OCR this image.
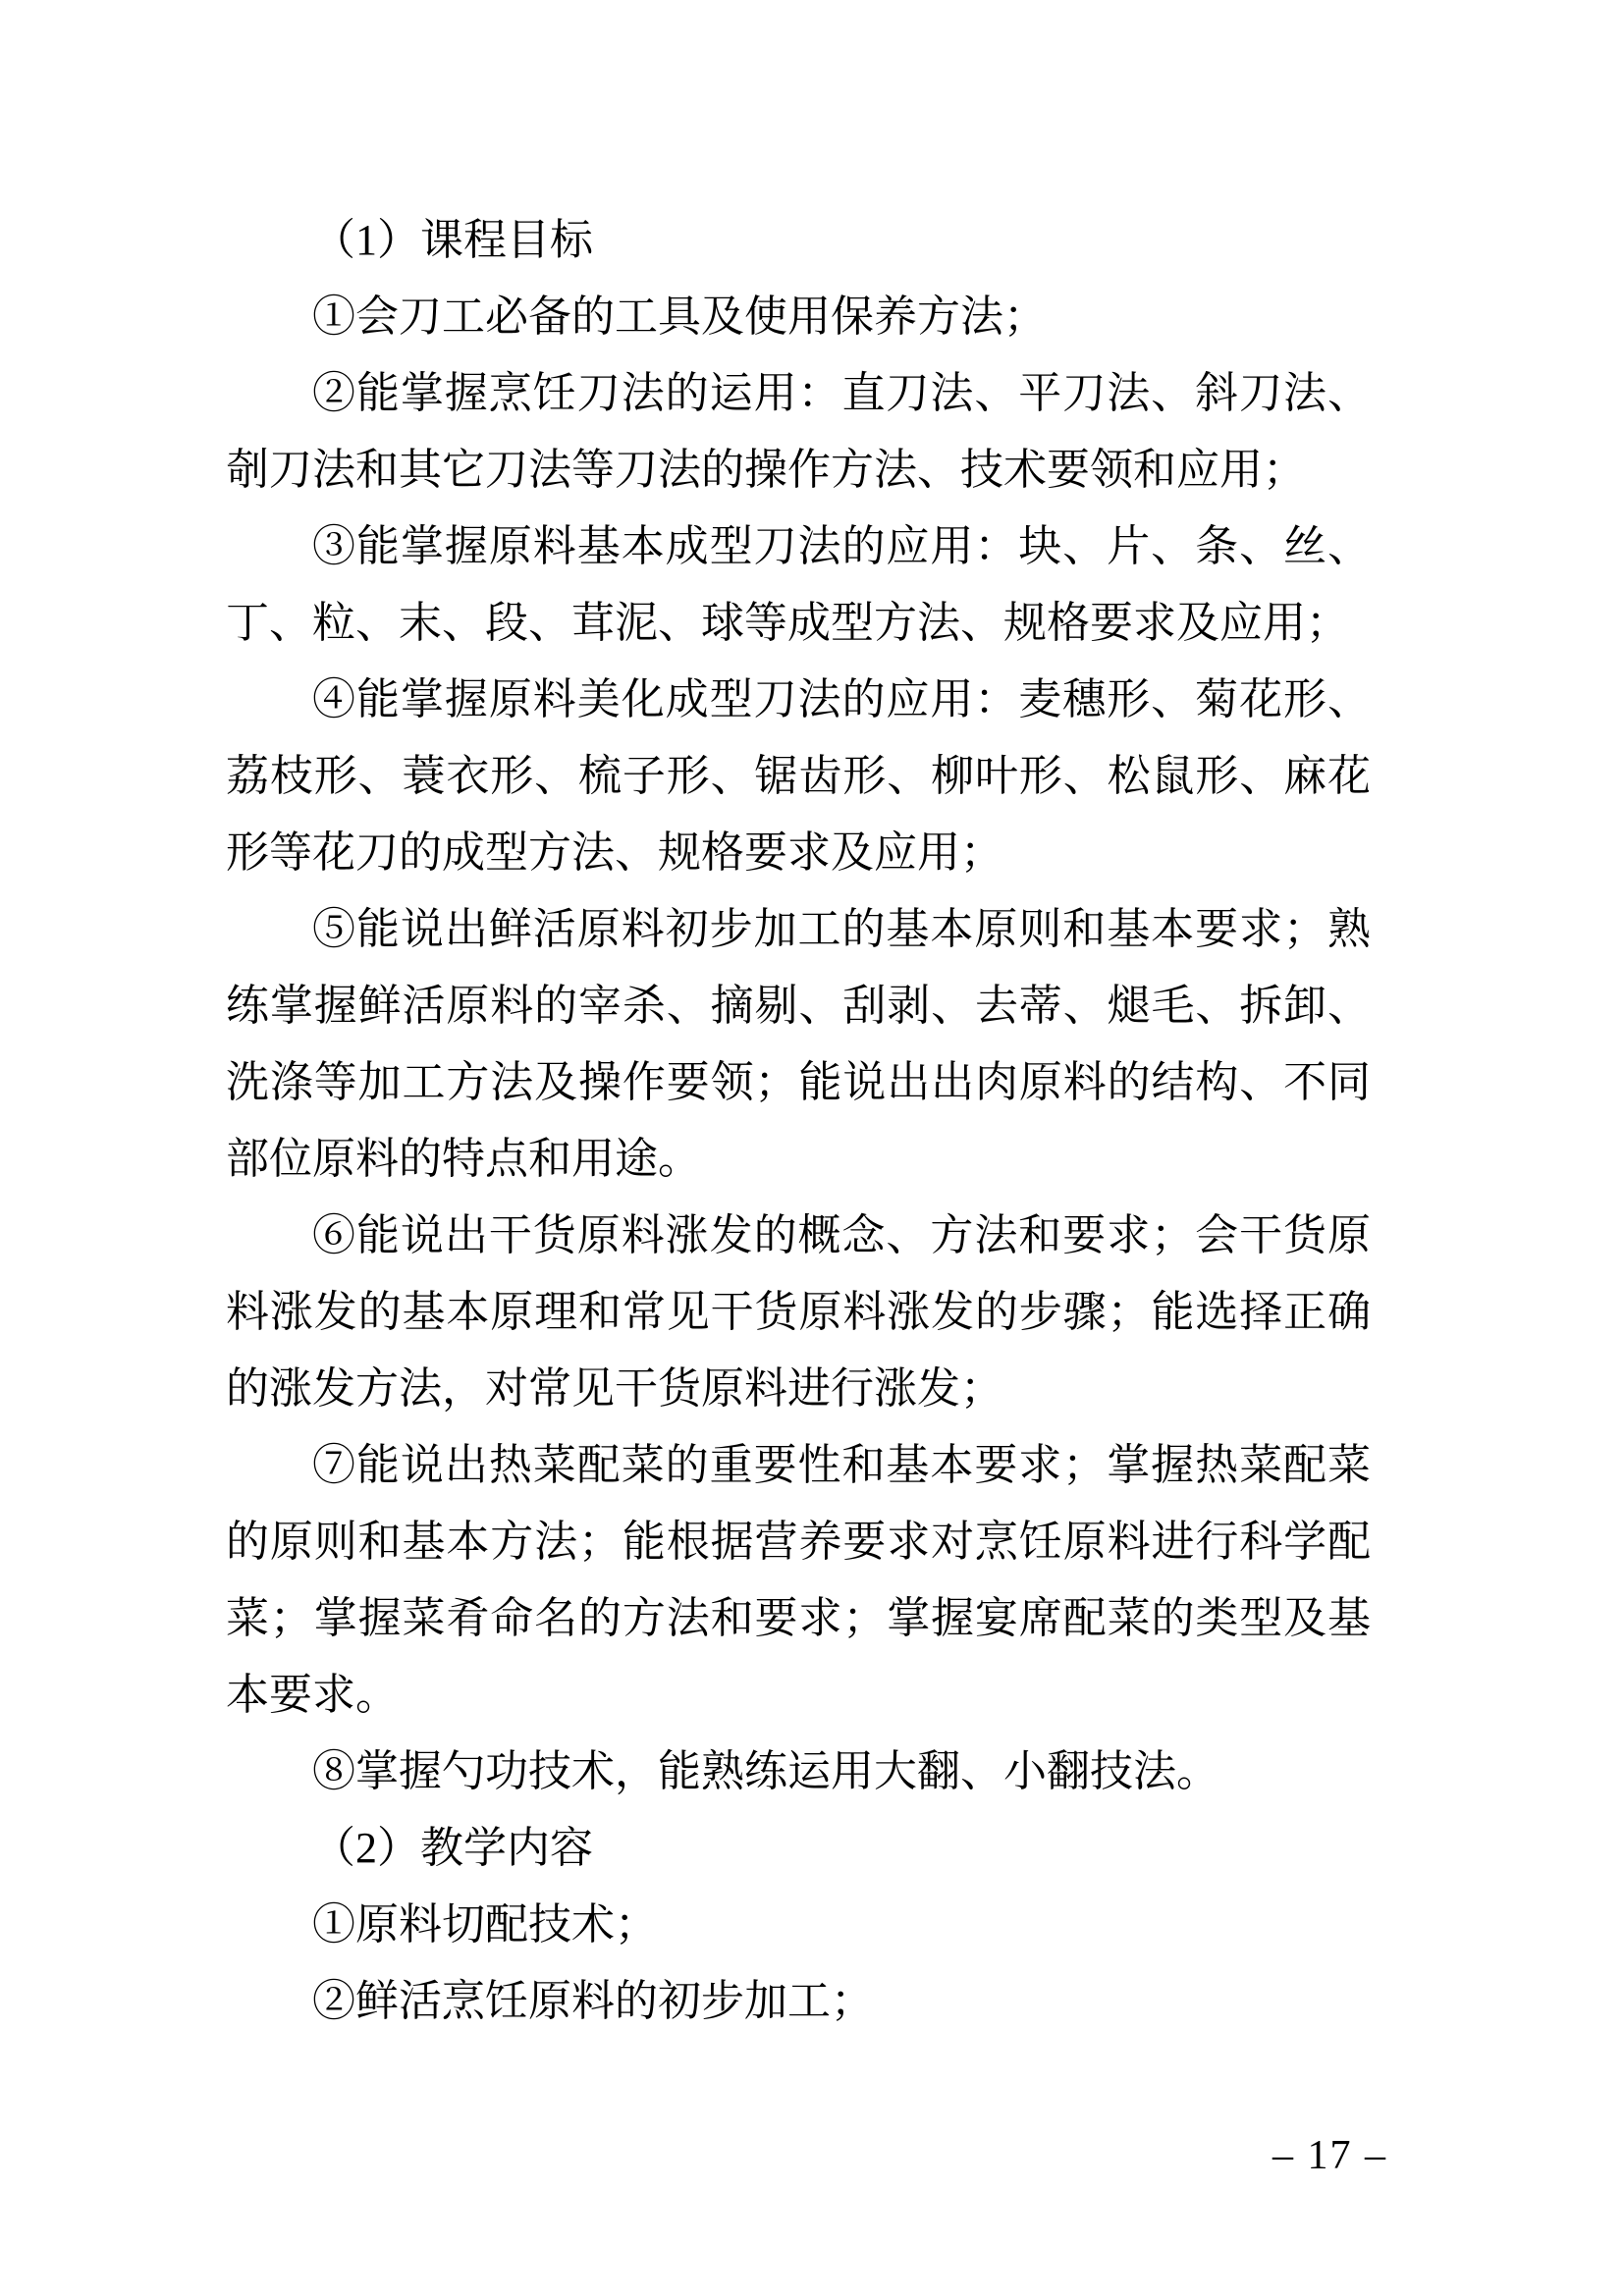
（1）课程目标
①会刀工必备的工具及使用保养方法；
②能掌握烹饪刀法的运用：直刀法、平刀法、斜刀法、
剞刀法和其它刀法等刀法的操作方法、技术要领和应用；
③能掌握原料基本成型刀法的应用：块、片、条、丝、
丁、粒、末、段、茸泥、球等成型方法、规格要求及应用；
④能掌握原料美化成型刀法的应用：麦穗形、菊花形、
荔枝形、蓑衣形、梳子形、锯齿形、柳叶形、松鼠形、麻花
形等花刀的成型方法、规格要求及应用；
⑤能说出鲜活原料初步加工的基本原则和基本要求；熟
练掌握鲜活原料的宰杀、摘剔、刮剥、去蒂、煺毛、拆卸、
洗涤等加工方法及操作要领；能说出出肉原料的结构、不同
部位原料的特点和用途。
⑥能说出干货原料涨发的概念、方法和要求；会干货原
料涨发的基本原理和常见干货原料涨发的步骤；能选择正确
的涨发方法，对常见干货原料进行涨发；
⑦能说出热菜配菜的重要性和基本要求；掌握热菜配菜
的原则和基本方法；能根据营养要求对烹饪原料进行科学配
菜；掌握菜肴命名的方法和要求；掌握宴席配菜的类型及基
本要求。
⑧掌握勺功技术，能熟练运用大翻、小翻技法。
（2）教学内容
①原料切配技术；
②鲜活烹饪原料的初步加工；
– 17 –
